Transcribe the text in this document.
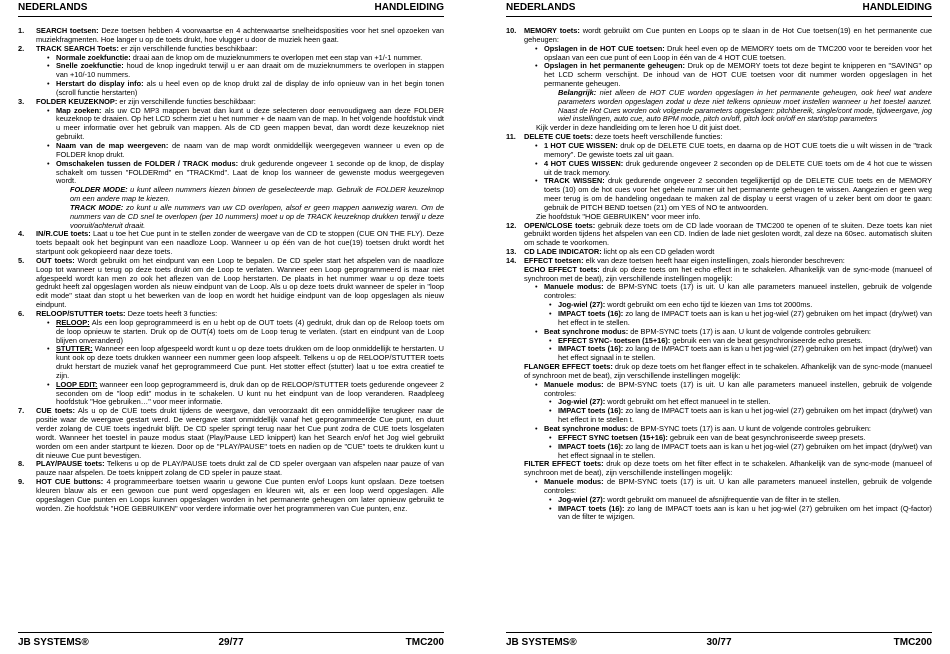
NEDERLANDS	HANDLEIDING
1. SEARCH toetsen: Deze toetsen hebben 4 voorwaartse en 4 achterwaartse snelheidsposities voor het snel opzoeken van muziekfragmenten. Hoe langer u op de toets drukt, hoe vlugger u door de muziek heen gaat.
2. TRACK SEARCH Toets: er zijn verschillende functies beschikbaar:
• Normale zoekfunctie: draai aan de knop om de muzieknummers te overlopen met een stap van +1/-1 nummer.
• Snelle zoekfunctie: houd de knop ingedrukt terwijl u er aan draait om de muzieknummers te overlopen in stappen van +10/-10 nummers.
• Herstart do display info: als u heel even op de knop drukt zal de display de info opnieuw van in het begin tonen (scroll functie herstarten)
3. FOLDER KEUZEKNOP: er zijn verschillende functies beschikbaar:
• Map zoeken: als uw CD MP3 mappen bevat dan kunt u deze selecteren door eenvoudigweg aan deze FOLDER keuzeknop te draaien. Op het LCD scherm ziet u het nummer + de naam van de map. In het volgende hoofdstuk vindt u meer informatie over het gebruik van mappen. Als de CD geen mappen bevat, dan wordt deze keuzeknop niet gebruikt.
• Naam van de map weergeven: de naam van de map wordt onmiddellijk weergegeven wanneer u even op de FOLDER knop drukt.
• Omschakelen tussen de FOLDER / TRACK modus: druk gedurende ongeveer 1 seconde op de knop, de display schakelt om tussen "FOLDERmd" en "TRACKmd". Laat de knop los wanneer de gewenste modus weergegeven wordt.
FOLDER MODE: u kunt alleen nummers kiezen binnen de geselecteerde map. Gebruik de FOLDER keuzeknop om een andere map te kiezen.
TRACK MODE: zo kunt u alle nummers van uw CD overlopen, alsof er geen mappen aanwezig waren. Om de nummers van de CD snel te overlopen (per 10 nummers) moet u op de TRACK keuzeknop drukken terwijl u deze vooruit/achteruit draait.
4. IN/R.CUE toets: Laat u toe het Cue punt in te stellen zonder de weergave van de CD te stoppen (CUE ON THE FLY). Deze toets bepaalt ook het beginpunt van een naadloze Loop. Wanneer u op één van de hot cue(19) toetsen drukt wordt het startpunt ook gekopieerd naar deze toets.
5. OUT toets: Wordt gebruikt om het eindpunt van een Loop te bepalen. De CD speler start het afspelen van de naadloze Loop tot wanneer u terug op deze toets drukt om de Loop te verlaten. Wanneer een Loop geprogrammeerd is maar niet afgespeeld wordt kan men zo ook het aflezen van de Loop herstarten. De plaats in het nummer waar u op deze toets gedrukt heeft zal opgeslagen worden als nieuw eindpunt van de Loop. Als u op deze toets drukt wanneer de speler in "loop edit mode" staat dan stopt u het bewerken van de loop en wordt het huidige eindpunt van de loop opgeslagen als nieuw eindpunt.
6. RELOOP/STUTTER toets: Deze toets heeft 3 functies:
• RELOOP: Als een loop geprogrammeerd is en u hebt op de OUT toets (4) gedrukt, druk dan op de Reloop toets om de loop opnieuw te starten. Druk op de OUT(4) toets om de Loop terug te verlaten. (start en eindpunt van de Loop blijven onveranderd)
• STUTTER: Wanneer een loop afgespeeld wordt kunt u op deze toets drukken om de loop onmiddellijk te herstarten. U kunt ook op deze toets drukken wanneer een nummer geen loop afspeelt. Telkens u op de RELOOP/STUTTER toets drukt herstart de muziek vanaf het geprogrammeerd Cue punt. Het stotter effect (stutter) laat u toe extra creatief te zijn.
• LOOP EDIT: wanneer een loop geprogrammeerd is, druk dan op de RELOOP/STUTTER toets gedurende ongeveer 2 seconden om de "loop edit" modus in te schakelen. U kunt nu het eindpunt van de loop veranderen. Raadpleeg hoofdstuk "Hoe gebruiken…" voor meer informatie.
7. CUE toets: Als u op de CUE toets drukt tijdens de weergave, dan veroorzaakt dit een onmiddellijke terugkeer naar de positie waar de weergave gestart werd. De weergave start onmiddellijk vanaf het geprogrammeerde Cue punt, en duurt verder zolang de CUE toets ingedrukt blijft. De CD speler springt terug naar het Cue punt zodra de CUE toets losgelaten wordt. Wanneer het toestel in pauze modus staat (Play/Pause LED knippert) kan het Search en/of het Jog wiel gebruikt worden om een ander startpunt te kiezen. Door op de "PLAY/PAUSE" toets en nadien op de "CUE" toets te drukken kunt u dit nieuwe Cue punt bevestigen.
8. PLAY/PAUSE toets: Telkens u op de PLAY/PAUSE toets drukt zal de CD speler overgaan van afspelen naar pauze of van pauze naar afspelen. De toets knippert zolang de CD speler in pauze staat.
9. HOT CUE buttons: 4 programmeerbare toetsen waarin u gewone Cue punten en/of Loops kunt opslaan. Deze toetsen kleuren blauw als er een gewoon cue punt werd opgeslagen en kleuren wit, als er een loop werd opgeslagen. Alle opgeslagen Cue punten en Loops kunnen opgeslagen worden in het permanente geheugen om later opnieuw gebruikt te worden. Zie hoofdstuk "HOE GEBRUIKEN" voor verdere informatie over het programmeren van Cue punten, enz.
JB SYSTEMS®	29/77	TMC200
NEDERLANDS	HANDLEIDING
10. MEMORY toets: wordt gebruikt om Cue punten en Loops op te slaan in de Hot Cue toetsen(19) en het permanente cue geheugen:
• Opslagen in de HOT CUE toetsen: Druk heel even op de MEMORY toets om de TMC200 voor te bereiden voor het opslaan van een cue punt of een Loop in één van de 4 HOT CUE toetsen.
• Opslagen in het permanente geheugen: Druk op de MEMORY toets tot deze begint te knipperen en "SAVING" op het LCD scherm verschijnt. De inhoud van de HOT CUE toetsen voor dit nummer worden opgeslagen in het permanente geheugen.
Belangrijk: niet alleen de HOT CUE worden opgeslagen in het permanente geheugen, ook heel wat andere parameters worden opgeslagen zodat u deze niet telkens opnieuw moet instellen wanneer u het toestel aanzet. Naast de Hot Cues worden ook volgende parameters opgeslagen: pitchbereik, single/cont mode, tijdweergave, jog wiel instellingen, auto cue, auto BPM mode, pitch on/off, pitch lock on/off en start/stop parameters
Kijk verder in deze handleiding om te leren hoe U dit juist doet.
11. DELETE CUE toets: deze toets heeft verschillende functies:
• 1 HOT CUE WISSEN: druk op de DELETE CUE toets, en daarna op de HOT CUE toets die u wilt wissen in de "track memory". De gewiste toets zal uit gaan.
• 4 HOT CUES WISSEN: druk gedurende ongeveer 2 seconden op de DELETE CUE toets om de 4 hot cue te wissen uit de track memory.
• TRACK WISSEN: druk gedurende ongeveer 2 seconden tegelijkertijd op de DELETE CUE toets en de MEMORY toets (10) om de hot cues voor het gehele nummer uit het permanente geheugen te wissen. Aangezien er geen weg meer terug is om de handeling ongedaan te maken zal de display u eerst vragen of u zeker bent om door te gaan: gebruik de PITCH BEND toetsen (21) om YES of NO te antwoorden.
Zie hoofdstuk "HOE GEBRUIKEN" voor meer info.
12. OPEN/CLOSE toets: gebruik deze toets om de CD lade vooraan de TMC200 te openen of te sluiten. Deze toets kan niet gebruikt worden tijdens het afspelen van een CD. Indien de lade niet gesloten wordt, zal deze na 60sec. automatisch sluiten om schade te voorkomen.
13. CD LADE INDICATOR: licht op als een CD geladen wordt
14. EFFECT toetsen: elk van deze toetsen heeft haar eigen instellingen, zoals hieronder beschreven:
ECHO EFFECT toets: druk op deze toets om het echo effect in te schakelen. Afhankelijk van de sync-mode (manueel of synchroon met de beat), zijn verschillende instellingen mogelijk:
• Manuele modus: de BPM-SYNC toets (17) is uit. U kan alle parameters manueel instellen, gebruik de volgende controles:
• Jog-wiel (27): wordt gebruikt om een echo tijd te kiezen van 1ms tot 2000ms.
• IMPACT toets (16): zo lang de IMPACT toets aan is kan u het jog-wiel (27) gebruiken om het impact (dry/wet) van het effect in te stellen.
• Beat synchrone modus: de BPM-SYNC toets (17) is aan. U kunt de volgende controles gebruiken:
• EFFECT SYNC- toetsen (15+16): gebruik een van de beat gesynchroniseerde echo presets.
• IMPACT toets (16): zo lang de IMPACT toets aan is kan u het jog-wiel (27) gebruiken om het impact (dry/wet) van het effect signaal in te stellen.
FLANGER EFFECT toets: druk op deze toets om het flanger effect in te schakelen. Afhankelijk van de sync-mode (manueel of synchroon met de beat), zijn verschillende instellingen mogelijk:
• Manuele modus: de BPM-SYNC toets (17) is uit. U kan alle parameters manueel instellen, gebruik de volgende controles:
• Jog-wiel (27): wordt gebruikt om het effect manueel in te stellen.
• IMPACT toets (16): zo lang de IMPACT toets aan is kan u het jog-wiel (27) gebruiken om het impact (dry/wet) van het effect in te stellen t.
• Beat synchrone modus: de BPM-SYNC toets (17) is aan. U kunt de volgende controles gebruiken:
• EFFECT SYNC toetsen (15+16): gebruik een van de beat gesynchroniseerde sweep presets.
• IMPACT toets (16): zo lang de IMPACT toets aan is kan u het jog-wiel (27) gebruiken om het impact (dry/wet) van het effect signaal in te stellen.
FILTER EFFECT toets: druk op deze toets om het filter effect in te schakelen. Afhankelijk van de sync-mode (manueel of synchroon met de beat), zijn verschillende instellingen mogelijk:
• Manuele modus: de BPM-SYNC toets (17) is uit. U kan alle parameters manueel instellen, gebruik de volgende controles:
• Jog-wiel (27): wordt gebruikt om manueel de afsnijfrequentie van de filter in te stellen.
• IMPACT toets (16): zo lang de IMPACT toets aan is kan u het jog-wiel (27) gebruiken om het impact (Q-factor) van de filter te wijzigen.
JB SYSTEMS®	30/77	TMC200
